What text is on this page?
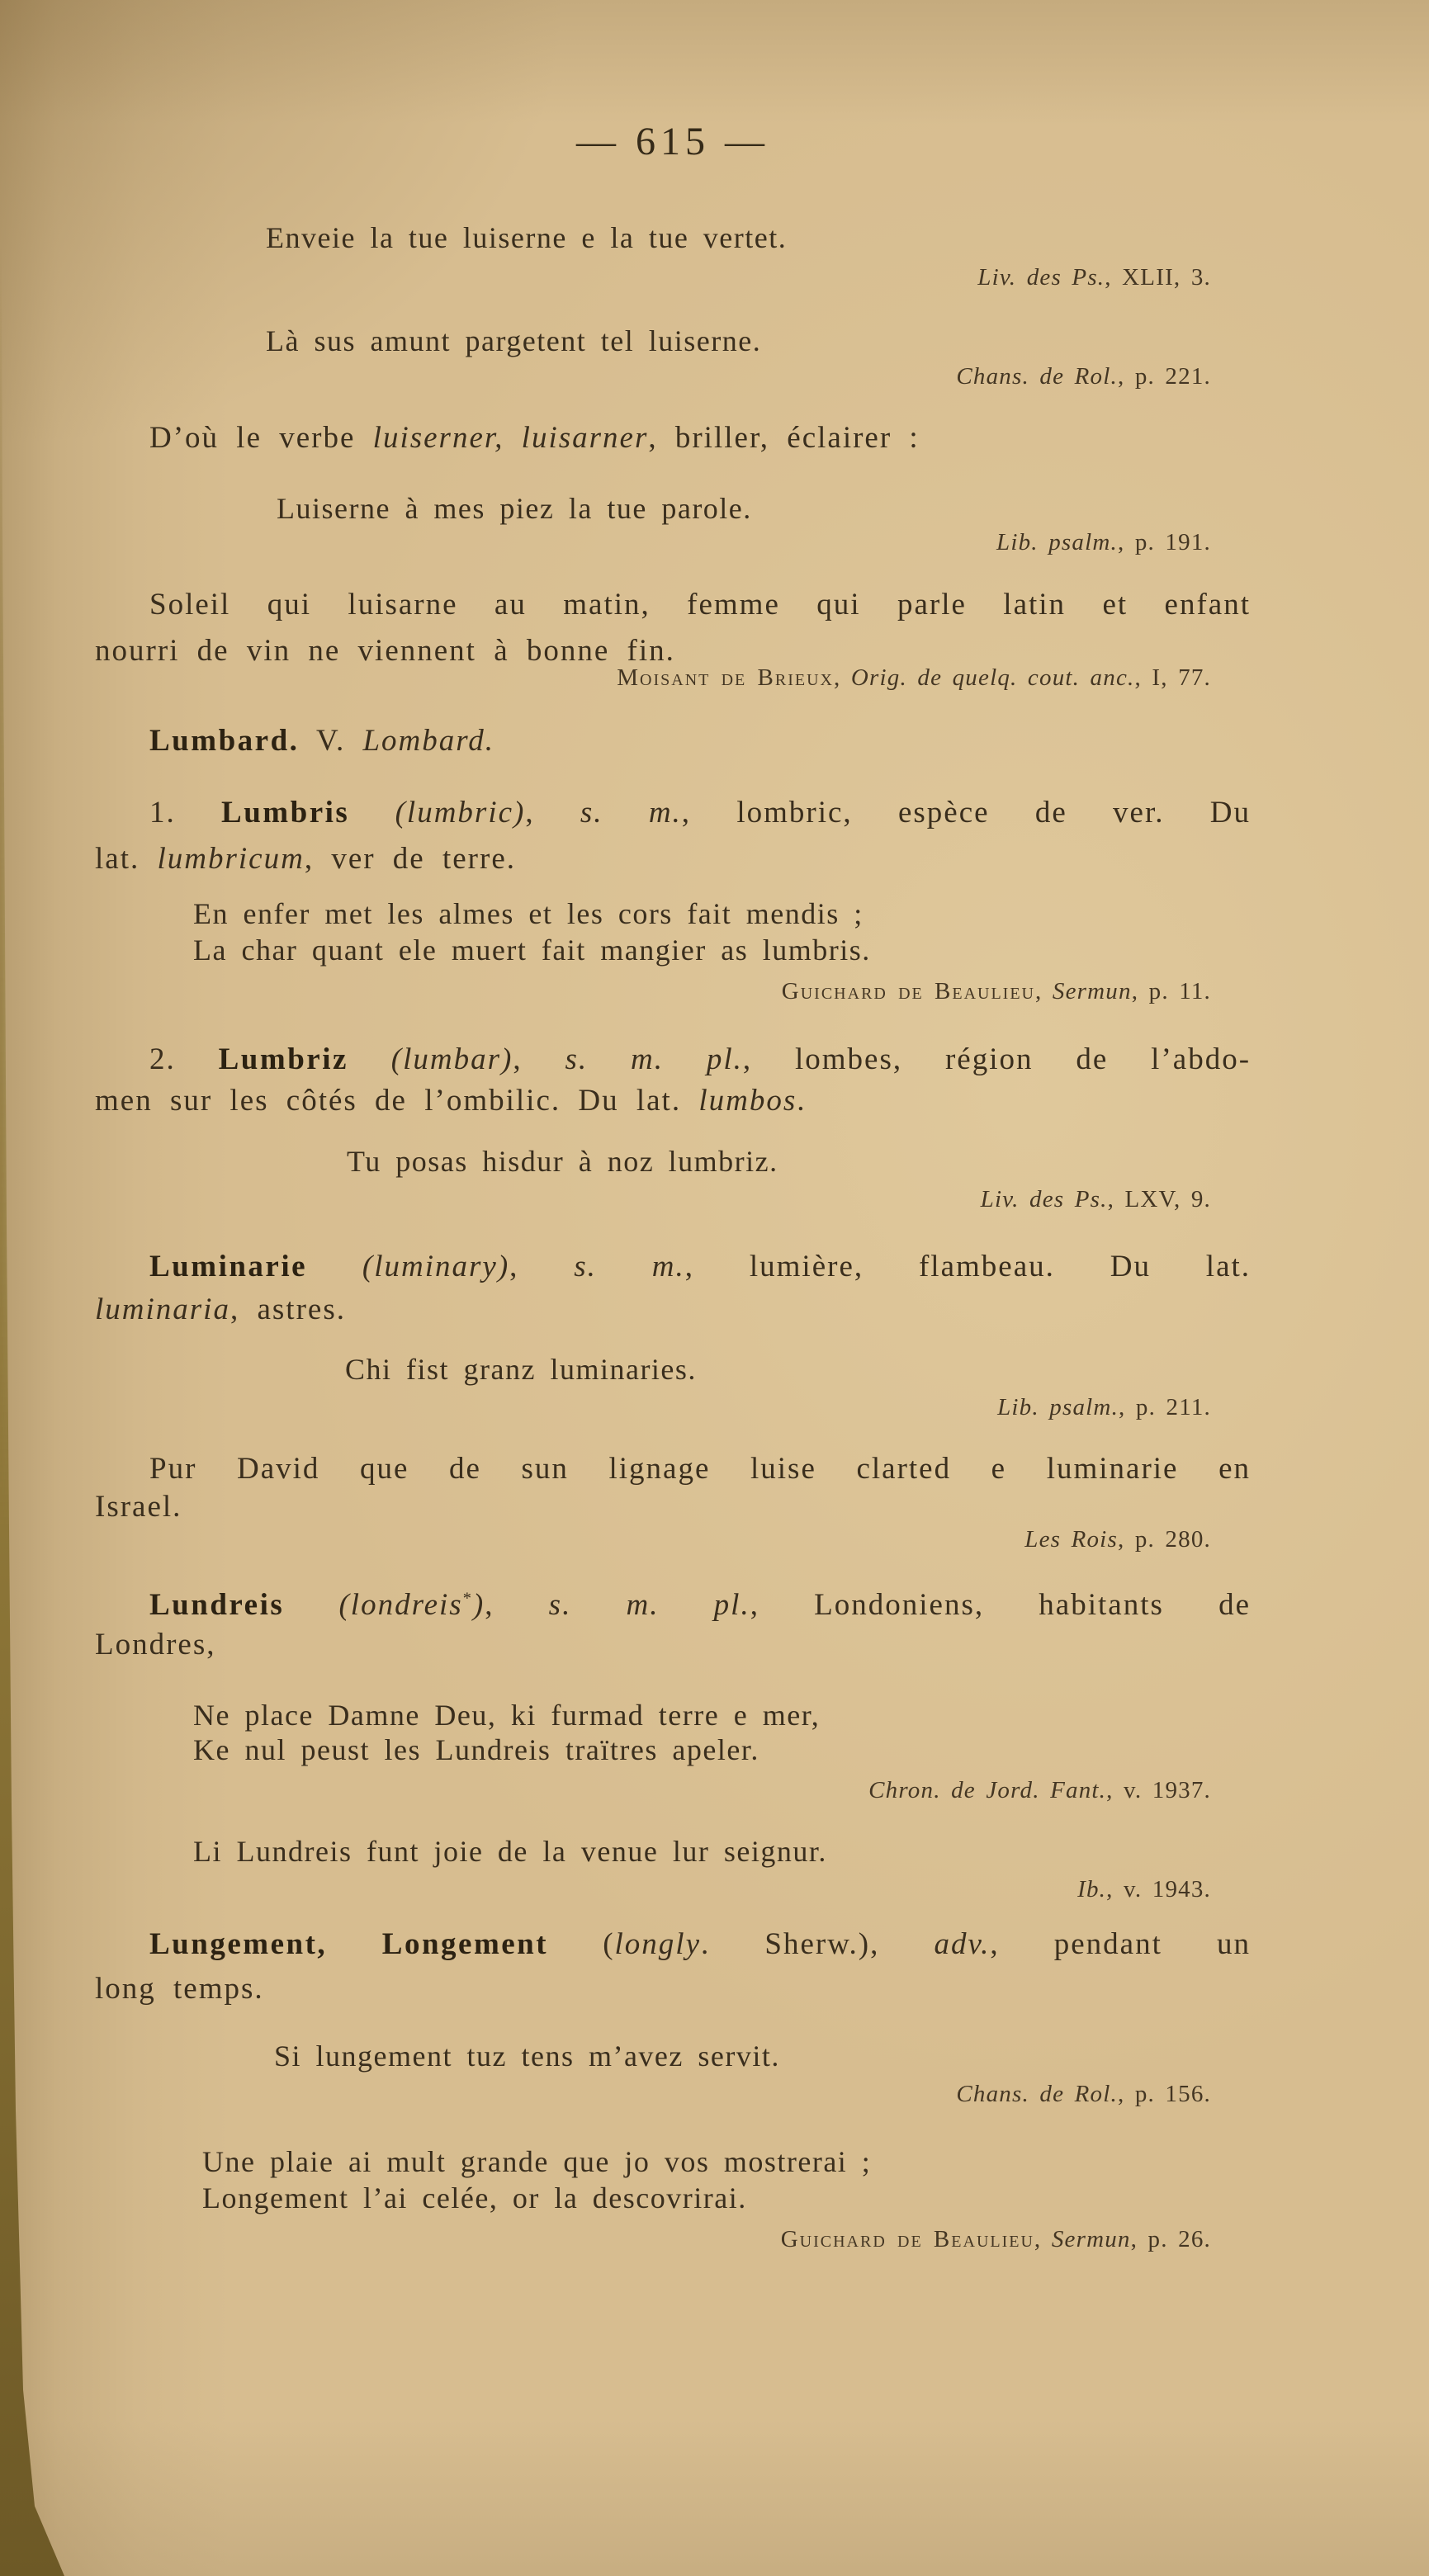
— 615 —
Enveie la tue luiserne e la tue vertet.
Liv. des Ps., XLII, 3.
Là sus amunt pargetent tel luiserne.
Chans. de Rol., p. 221.
D’où le verbe luiserner, luisarner, briller, éclairer :
Luiserne à mes piez la tue parole.
Lib. psalm., p. 191.
Soleil qui luisarne au matin, femme qui parle latin et enfant
nourri de vin ne viennent à bonne fin.
Moisant de Brieux, Orig. de quelq. cout. anc., I, 77.
Lumbard. V. Lombard.
1. Lumbris (lumbric), s. m., lombric, espèce de ver. Du
lat. lumbricum, ver de terre.
En enfer met les almes et les cors fait mendis ;
La char quant ele muert fait mangier as lumbris.
Guichard de Beaulieu, Sermun, p. 11.
2. Lumbriz (lumbar), s. m. pl., lombes, région de l’abdo-
men sur les côtés de l’ombilic. Du lat. lumbos.
Tu posas hisdur à noz lumbriz.
Liv. des Ps., LXV, 9.
Luminarie (luminary), s. m., lumière, flambeau. Du lat.
luminaria, astres.
Chi fist granz luminaries.
Lib. psalm., p. 211.
Pur David que de sun lignage luise clarted e luminarie en
Israel.
Les Rois, p. 280.
Lundreis (londreis*), s. m. pl., Londoniens, habitants de
Londres,
Ne place Damne Deu, ki furmad terre e mer,
Ke nul peust les Lundreis traïtres apeler.
Chron. de Jord. Fant., v. 1937.
Li Lundreis funt joie de la venue lur seignur.
Ib., v. 1943.
Lungement, Longement (longly. Sherw.), adv., pendant un
long temps.
Si lungement tuz tens m’avez servit.
Chans. de Rol., p. 156.
Une plaie ai mult grande que jo vos mostrerai ;
Longement l’ai celée, or la descovrirai.
Guichard de Beaulieu, Sermun, p. 26.
